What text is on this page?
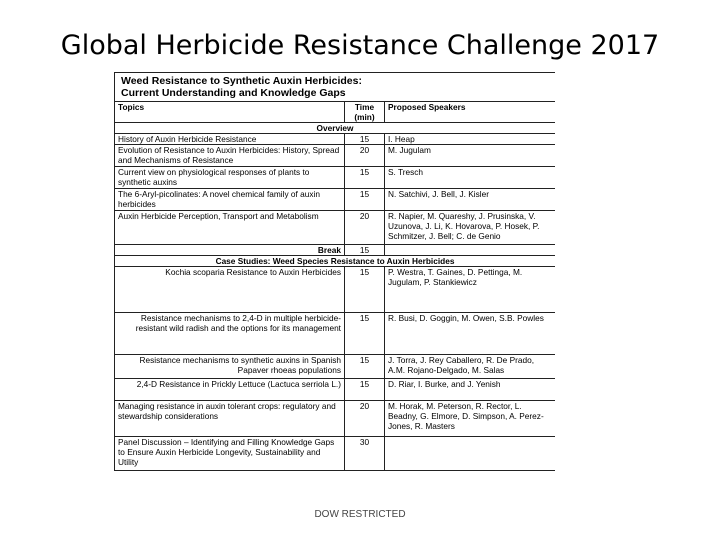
Global Herbicide Resistance Challenge 2017
Weed Resistance to Synthetic Auxin Herbicides:
Current Understanding and Knowledge Gaps		

Topics	Time (min)	Proposed Speakers
Overview		
History of Auxin Herbicide Resistance	15	I. Heap
Evolution of Resistance to Auxin Herbicides: History, Spread and Mechanisms of Resistance	20	M. Jugulam
Current view on physiological responses of plants to synthetic auxins	15	S. Tresch
The 6-Aryl-picolinates: A novel chemical family of auxin herbicides	15	N. Satchivi, J. Bell, J. Kisler
Auxin Herbicide Perception, Transport and Metabolism	20	R. Napier, M. Quareshy, J. Prusinska, V. Uzunova, J. Li, K. Hovarova, P. Hosek, P. Schmitzer, J. Bell; C. de Genio
Break	15	
Case Studies: Weed Species Resistance to Auxin Herbicides		
Kochia scoparia Resistance to Auxin Herbicides	15	P. Westra, T. Gaines, D. Pettinga, M. Jugulam, P. Stankiewicz
Resistance mechanisms to 2,4-D in multiple herbicide-resistant wild radish and the options for its management	15	R. Busi, D. Goggin, M. Owen, S.B. Powles
Resistance mechanisms to synthetic auxins in Spanish Papaver rhoeas populations	15	J. Torra, J. Rey Caballero, R. De Prado, A.M. Rojano-Delgado, M. Salas
2,4-D Resistance in Prickly Lettuce (Lactuca serriola L.)	15	D. Riar, I. Burke, and J. Yenish
Managing resistance in auxin tolerant crops: regulatory and stewardship considerations	20	M. Horak, M. Peterson, R. Rector, L. Beadny, G. Elmore, D. Simpson, A. Perez-Jones, R. Masters
Panel Discussion – Identifying and Filling Knowledge Gaps to Ensure Auxin Herbicide Longevity, Sustainability and Utility	30	
DOW RESTRICTED
